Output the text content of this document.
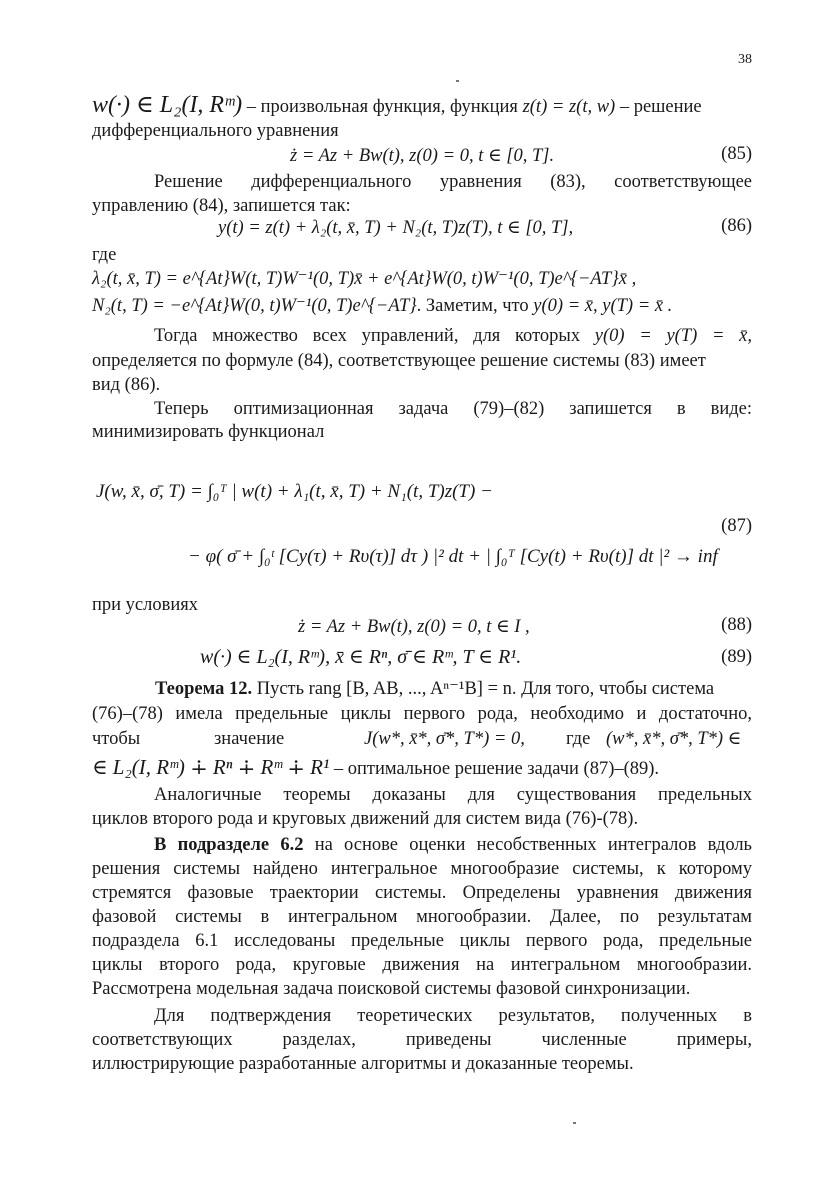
38
w(·) ∈ L₂(I, Rᵐ) – произвольная функция, функция z(t) = z(t, w) – решение
дифференциального уравнения
ż = Az + Bw(t), z(0) = 0, t ∈ [0, T].	(85)
Решение дифференциального уравнения (83), соответствующее
управлению (84), запишется так:
y(t) = z(t) + λ₂(t, x̄, T) + N₂(t, T)z(T), t ∈ [0, T],	(86)
где
λ₂(t, x̄, T) = e^{At}W(t, T)W⁻¹(0, T)x̄ + e^{At}W(0, t)W⁻¹(0, T)e^{−AT}x̄ ,
N₂(t, T) = −e^{At}W(0, t)W⁻¹(0, T)e^{−AT}. Заметим, что y(0) = x̄, y(T) = x̄ .
Тогда множество всех управлений, для которых y(0) = y(T) = x̄,
определяется по формуле (84), соответствующее решение системы (83) имеет
вид (86).
Теперь оптимизационная задача (79)–(82) запишется в виде:
минимизировать функционал
J(w, x̄, σ̄, T) = ∫₀ᵀ | w(t) + λ₁(t, x̄, T) + N₁(t, T)z(T) −
− φ( σ̄ + ∫₀ᵗ [Cy(τ) + Rυ(τ)] dτ ) |² dt + | ∫₀ᵀ [Cy(t) + Rυ(t)] dt |² → inf
(87)
при условиях
ż = Az + Bw(t), z(0) = 0, t ∈ I ,	(88)
w(·) ∈ L₂(I, Rᵐ), x̄ ∈ Rⁿ, σ̄ ∈ Rᵐ, T ∈ R¹.	(89)
Теорема 12. Пусть rang [B, AB, ..., Aⁿ⁻¹B] = n. Для того, чтобы система
(76)–(78) имела предельные циклы первого рода, необходимо и достаточно,
чтобы	значение	J(w*, x̄*, σ̄*, T*) = 0, где (w*, x̄*, σ̄*, T*) ∈
∈ L₂(I, Rᵐ) ∔ Rⁿ ∔ Rᵐ ∔ R¹ – оптимальное решение задачи (87)–(89).
Аналогичные теоремы доказаны для существования предельных
циклов второго рода и круговых движений для систем вида (76)-(78).
В подразделе 6.2 на основе оценки несобственных интегралов вдоль
решения системы найдено интегральное многообразие системы, к которому
стремятся фазовые траектории системы. Определены уравнения движения
фазовой системы в интегральном многообразии. Далее, по результатам
подраздела 6.1 исследованы предельные циклы первого рода, предельные
циклы второго рода, круговые движения на интегральном многообразии.
Рассмотрена модельная задача поисковой системы фазовой синхронизации.
Для подтверждения теоретических результатов, полученных в
соответствующих разделах, приведены численные примеры,
иллюстрирующие разработанные алгоритмы и доказанные теоремы.
